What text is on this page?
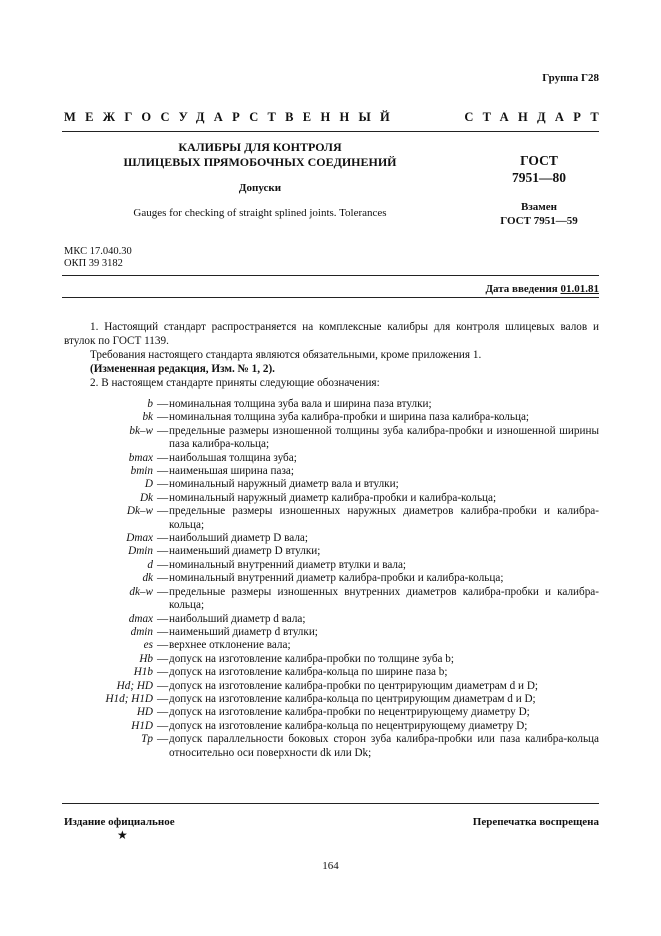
Группа Г28
МЕЖГОСУДАРСТВЕННЫЙ	СТАНДАРТ
КАЛИБРЫ ДЛЯ КОНТРОЛЯ
ШЛИЦЕВЫХ ПРЯМОБОЧНЫХ СОЕДИНЕНИЙ
Допуски
Gauges for checking of straight splined joints. Tolerances
ГОСТ
7951—80
Взамен
ГОСТ 7951—59
МКС 17.040.30
ОКП 39 3182
Дата введения 01.01.81

1. Настоящий стандарт распространяется на комплексные калибры для контроля шлицевых валов и втулок по ГОСТ 1139.

Требования настоящего стандарта являются обязательными, кроме приложения 1.

(Измененная редакция, Изм. № 1, 2).

2. В настоящем стандарте приняты следующие обозначения:

b — номинальная толщина зуба вала и ширина паза втулки;
bk — номинальная толщина зуба калибра-пробки и ширина паза калибра-кольца;
bk–w — предельные размеры изношенной толщины зуба калибра-пробки и изношенной ширины паза калибра-кольца;
bmax — наибольшая толщина зуба;
bmin — наименьшая ширина паза;
D — номинальный наружный диаметр вала и втулки;
Dk — номинальный наружный диаметр калибра-пробки и калибра-кольца;
Dk–w — предельные размеры изношенных наружных диаметров калибра-пробки и калибра-кольца;
Dmax — наибольший диаметр D вала;
Dmin — наименьший диаметр D втулки;
d — номинальный внутренний диаметр втулки и вала;
dk — номинальный внутренний диаметр калибра-пробки и калибра-кольца;
dk–w — предельные размеры изношенных внутренних диаметров калибра-пробки и калибра-кольца;
dmax — наибольший диаметр d вала;
dmin — наименьший диаметр d втулки;
es — верхнее отклонение вала;
Hb — допуск на изготовление калибра-пробки по толщине зуба b;
H1b — допуск на изготовление калибра-кольца по ширине паза b;
Hd; HD — допуск на изготовление калибра-пробки по центрирующим диаметрам d и D;
H1d; H1D — допуск на изготовление калибра-кольца по центрирующим диаметрам d и D;
HD — допуск на изготовление калибра-пробки по нецентрирующему диаметру D;
H1D — допуск на изготовление калибра-кольца по нецентрирующему диаметру D;
Tp — допуск параллельности боковых сторон зуба калибра-пробки или паза калибра-кольца относительно оси поверхности dk или Dk;
Издание официальное	Перепечатка воспрещена
★
164
